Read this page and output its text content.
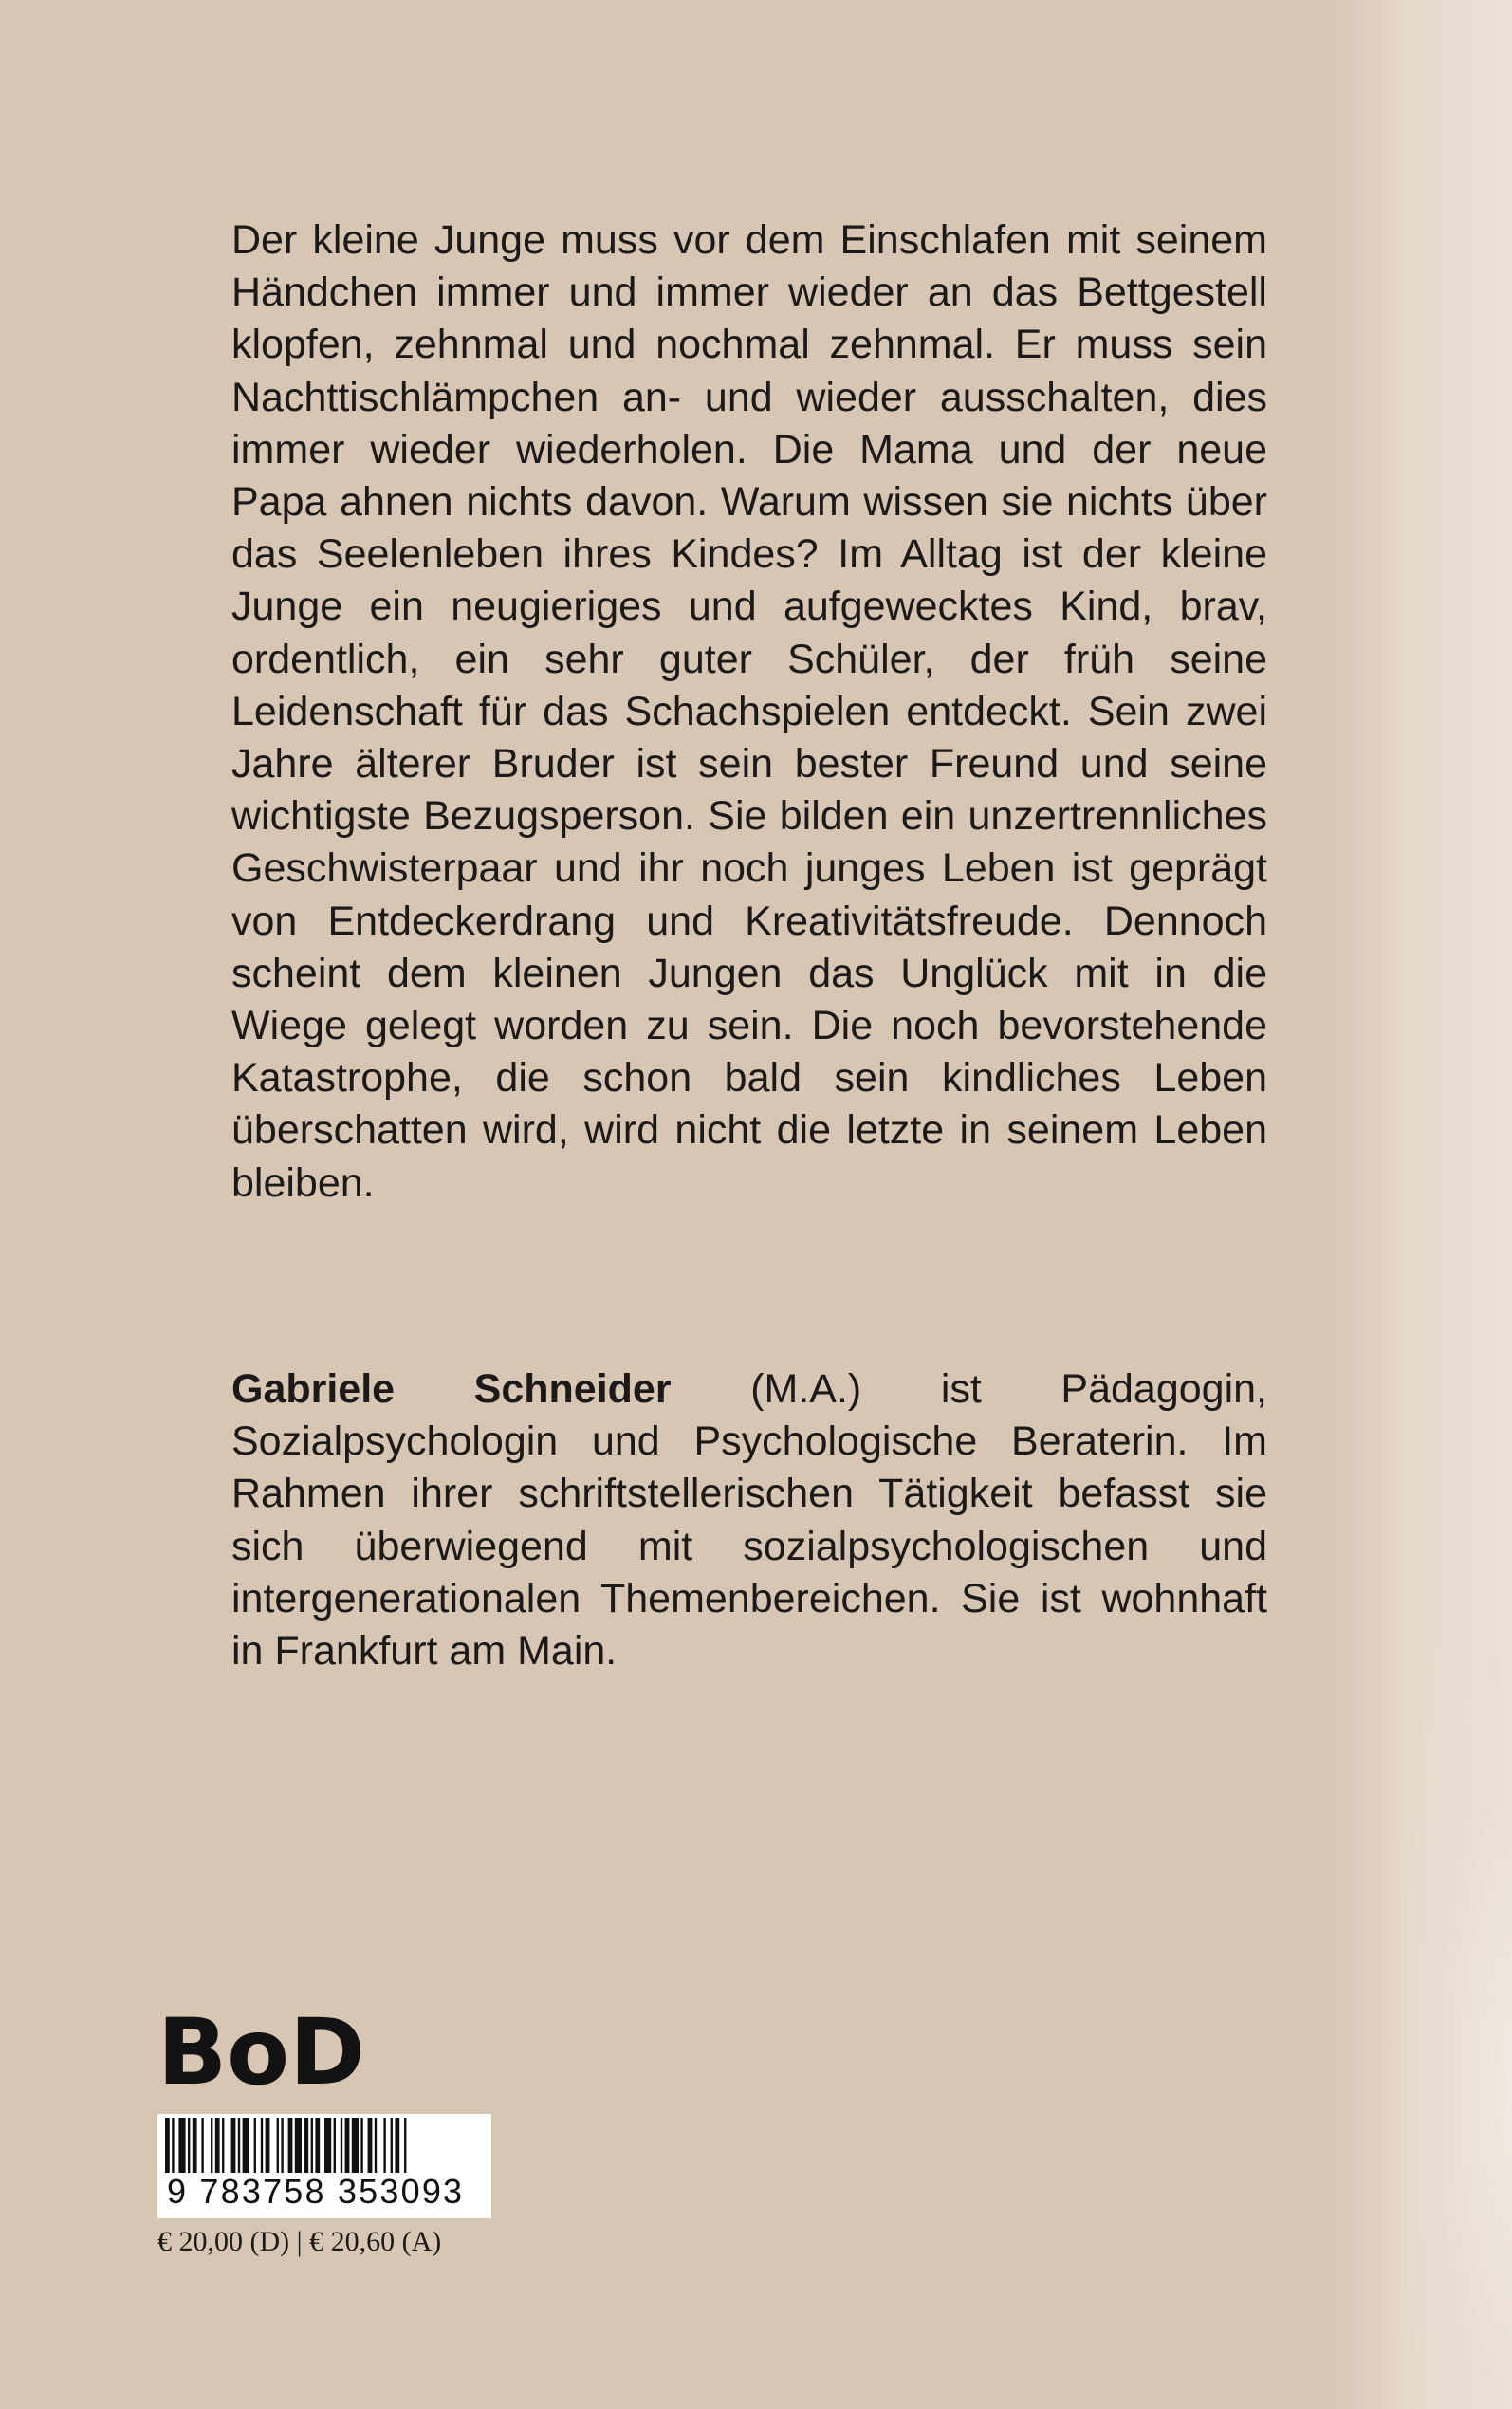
Der kleine Junge muss vor dem Einschlafen mit seinem Händchen immer und immer wieder an das Bettgestell klopfen, zehnmal und nochmal zehnmal. Er muss sein Nachttischlämpchen an- und wieder ausschalten, dies immer wieder wiederholen. Die Mama und der neue Papa ahnen nichts davon. Warum wissen sie nichts über das Seelenleben ihres Kindes? Im Alltag ist der kleine Junge ein neugieriges und aufgewecktes Kind, brav, ordentlich, ein sehr guter Schüler, der früh seine Leidenschaft für das Schachspielen entdeckt. Sein zwei Jahre älterer Bruder ist sein bester Freund und seine wichtigste Bezugsperson. Sie bilden ein unzertrennliches Geschwisterpaar und ihr noch junges Leben ist geprägt von Entdeckerdrang und Kreativitätsfreude. Dennoch scheint dem kleinen Jungen das Unglück mit in die Wiege gelegt worden zu sein. Die noch bevorstehende Katastrophe, die schon bald sein kindliches Leben überschatten wird, wird nicht die letzte in seinem Leben bleiben.

Gabriele Schneider (M.A.) ist Pädagogin, Sozialpsychologin und Psychologische Beraterin. Im Rahmen ihrer schriftstellerischen Tätigkeit befasst sie sich überwiegend mit sozialpsychologischen und intergenerationalen Themenbereichen. Sie ist wohnhaft in Frankfurt am Main.

BoD
9 783758 353093
€ 20,00 (D) | € 20,60 (A)
